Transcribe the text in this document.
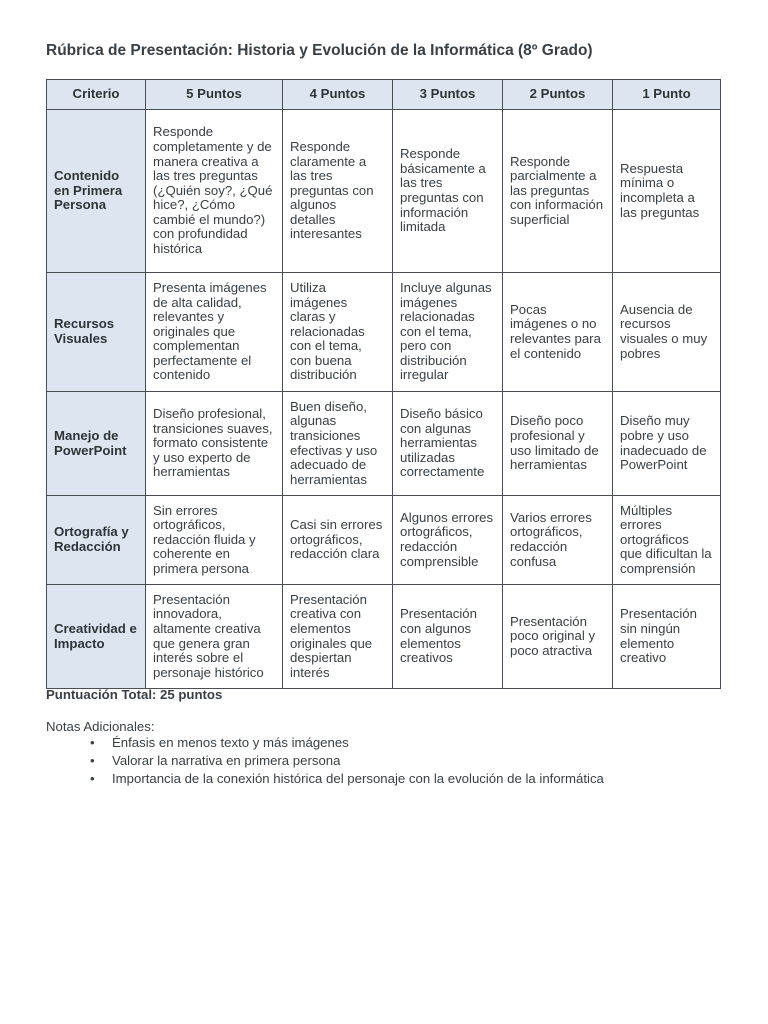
Rúbrica de Presentación: Historia y Evolución de la Informática (8º Grado)
Criterio	5 Puntos	4 Puntos	3 Puntos	2 Puntos	1 Punto
Contenido en Primera Persona	Responde completamente y de manera creativa a las tres preguntas (¿Quién soy?, ¿Qué hice?, ¿Cómo cambié el mundo?) con profundidad histórica	Responde claramente a las tres preguntas con algunos detalles interesantes	Responde básicamente a las tres preguntas con información limitada	Responde parcialmente a las preguntas con información superficial	Respuesta mínima o incompleta a las preguntas
Recursos Visuales	Presenta imágenes de alta calidad, relevantes y originales que complementan perfectamente el contenido	Utiliza imágenes claras y relacionadas con el tema, con buena distribución	Incluye algunas imágenes relacionadas con el tema, pero con distribución irregular	Pocas imágenes o no relevantes para el contenido	Ausencia de recursos visuales o muy pobres
Manejo de PowerPoint	Diseño profesional, transiciones suaves, formato consistente y uso experto de herramientas	Buen diseño, algunas transiciones efectivas y uso adecuado de herramientas	Diseño básico con algunas herramientas utilizadas correctamente	Diseño poco profesional y uso limitado de herramientas	Diseño muy pobre y uso inadecuado de PowerPoint
Ortografía y Redacción	Sin errores ortográficos, redacción fluida y coherente en primera persona	Casi sin errores ortográficos, redacción clara	Algunos errores ortográficos, redacción comprensible	Varios errores ortográficos, redacción confusa	Múltiples errores ortográficos que dificultan la comprensión
Creatividad e Impacto	Presentación innovadora, altamente creativa que genera gran interés sobre el personaje histórico	Presentación creativa con elementos originales que despiertan interés	Presentación con algunos elementos creativos	Presentación poco original y poco atractiva	Presentación sin ningún elemento creativo
Puntuación Total: 25 puntos
Notas Adicionales:
• Énfasis en menos texto y más imágenes
• Valorar la narrativa en primera persona
• Importancia de la conexión histórica del personaje con la evolución de la informática
